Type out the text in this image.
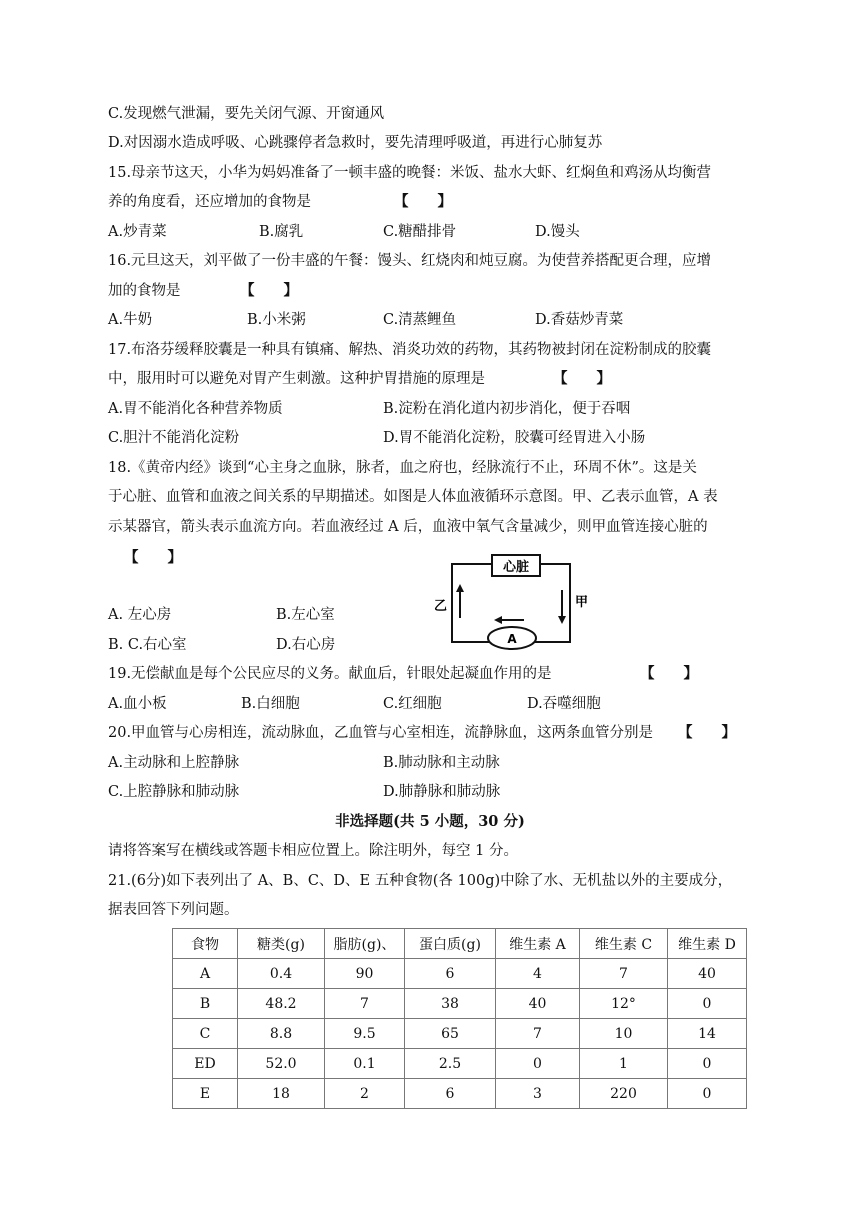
C.发现燃气泄漏，要先关闭气源、开窗通风
D.对因溺水造成呼吸、心跳骤停者急救时，要先清理呼吸道，再进行心肺复苏
15.母亲节这天，小华为妈妈准备了一顿丰盛的晚餐：米饭、盐水大虾、红焖鱼和鸡汤从均衡营
养的角度看，还应增加的食物是	【　　】
A.炒青菜	B.腐乳	C.糖醋排骨	D.馒头
16.元旦这天，刘平做了一份丰盛的午餐：馒头、红烧肉和炖豆腐。为使营养搭配更合理，应增
加的食物是	【　　】
A.牛奶	B.小米粥	C.清蒸鲤鱼	D.香菇炒青菜
17.布洛芬缓释胶囊是一种具有镇痛、解热、消炎功效的药物，其药物被封闭在淀粉制成的胶囊
中，服用时可以避免对胃产生刺激。这种护胃措施的原理是	【　　】
A.胃不能消化各种营养物质	B.淀粉在消化道内初步消化，便于吞咽
C.胆汁不能消化淀粉	D.胃不能消化淀粉，胶囊可经胃进入小肠
18.《黄帝内经》谈到“心主身之血脉，脉者，血之府也，经脉流行不止，环周不休”。这是关
于心脏、血管和血液之间关系的早期描述。如图是人体血液循环示意图。甲、乙表示血管，A 表
示某器官，箭头表示血流方向。若血液经过 A 后，血液中氧气含量减少，则甲血管连接心脏的
【　　】
A. 左心房	B.左心室
B. C.右心室	D.右心房
心脏
A
乙	甲
19.无偿献血是每个公民应尽的义务。献血后，针眼处起凝血作用的是	【　　】
A.血小板	B.白细胞	C.红细胞	D.吞噬细胞
20.甲血管与心房相连，流动脉血，乙血管与心室相连，流静脉血，这两条血管分别是 【　　】
A.主动脉和上腔静脉	B.肺动脉和主动脉
C.上腔静脉和肺动脉	D.肺静脉和肺动脉
非选择题(共 5 小题，30 分)
请将答案写在横线或答题卡相应位置上。除注明外，每空 1 分。
21.(6分)如下表列出了 A、B、C、D、E 五种食物(各 100g)中除了水、无机盐以外的主要成分，
据表回答下列问题。
食物	糖类(g)	脂肪(g)、	蛋白质(g)	维生素 A	维生素 C	维生素 D
A	0.4	90	6	4	7	40
B	48.2	7	38	40	12°	0
C	8.8	9.5	65	7	10	14
ED	52.0	0.1	2.5	0	1	0
E	18	2	6	3	220	0
